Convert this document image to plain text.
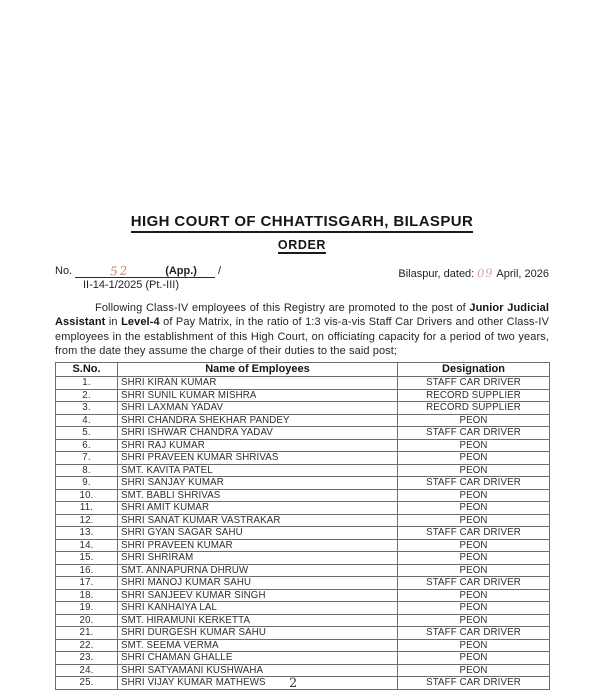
HIGH COURT OF CHHATTISGARH, BILASPUR
ORDER
No.	52	(App.) /
II-14-1/2025 (Pt.-III)
Bilaspur, dated: 09 April, 2026
Following Class-IV employees of this Registry are promoted to the post of Junior Judicial Assistant in Level-4 of Pay Matrix, in the ratio of 1:3 vis-a-vis Staff Car Drivers and other Class-IV employees in the establishment of this High Court, on officiating capacity for a period of two years, from the date they assume the charge of their duties to the said post;
S.No.	Name of Employees	Designation
1.	SHRI KIRAN KUMAR	STAFF CAR DRIVER
2.	SHRI SUNIL KUMAR MISHRA	RECORD SUPPLIER
3.	SHRI LAXMAN YADAV	RECORD SUPPLIER
4.	SHRI CHANDRA SHEKHAR PANDEY	PEON
5.	SHRI ISHWAR CHANDRA YADAV	STAFF CAR DRIVER
6.	SHRI RAJ KUMAR	PEON
7.	SHRI PRAVEEN KUMAR SHRIVAS	PEON
8.	SMT. KAVITA PATEL	PEON
9.	SHRI SANJAY KUMAR	STAFF CAR DRIVER
10.	SMT. BABLI SHRIVAS	PEON
11.	SHRI AMIT KUMAR	PEON
12.	SHRI SANAT KUMAR VASTRAKAR	PEON
13.	SHRI GYAN SAGAR SAHU	STAFF CAR DRIVER
14.	SHRI PRAVEEN KUMAR	PEON
15.	SHRI SHRIRAM	PEON
16.	SMT. ANNAPURNA DHRUW	PEON
17.	SHRI MANOJ KUMAR SAHU	STAFF CAR DRIVER
18.	SHRI SANJEEV KUMAR SINGH	PEON
19.	SHRI KANHAIYA LAL	PEON
20.	SMT. HIRAMUNI KERKETTA	PEON
21.	SHRI DURGESH KUMAR SAHU	STAFF CAR DRIVER
22.	SMT. SEEMA VERMA	PEON
23.	SHRI CHAMAN GHALLE	PEON
24.	SHRI SATYAMANI KUSHWAHA	PEON
25.	SHRI VIJAY KUMAR MATHEWS	STAFF CAR DRIVER
2
